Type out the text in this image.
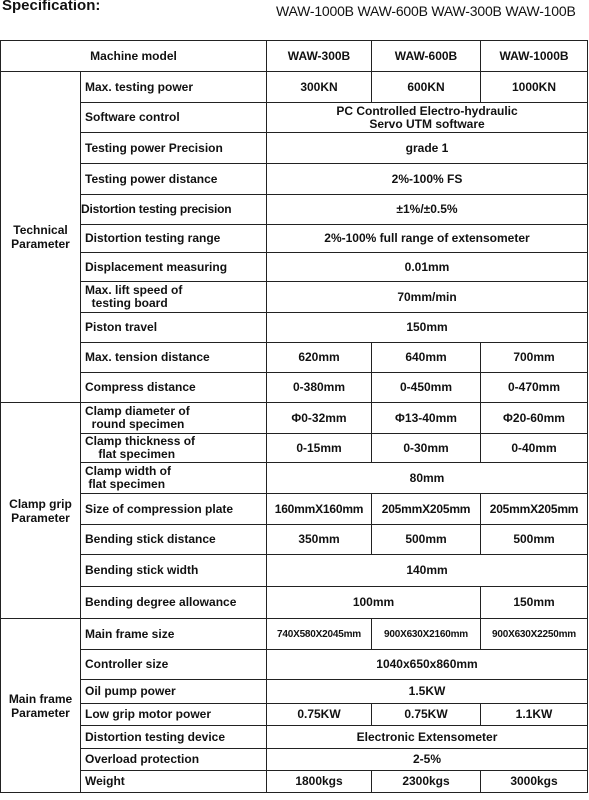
Specification:	WAW-1000B WAW-600B WAW-300B WAW-100B
Machine model		WAW-300B	WAW-600B	WAW-1000B
Technical
Parameter	Max. testing power	300KN	600KN	1000KN
	Software control	PC Controlled Electro-hydraulic
Servo UTM software		
	Testing power Precision	grade 1		
	Testing power distance	2%-100% FS		
	Distortion testing precision	±1%/±0.5%		
	Distortion testing range	2%-100% full range of extensometer		
	Displacement measuring	0.01mm		
	Max. lift speed of
testing board	70mm/min		
	Piston travel	150mm		
	Max. tension distance	620mm	640mm	700mm
	Compress distance	0-380mm	0-450mm	0-470mm
Clamp grip
Parameter	Clamp diameter of
round specimen	Φ0-32mm	Φ13-40mm	Φ20-60mm
	Clamp thickness of
flat specimen	0-15mm	0-30mm	0-40mm
	Clamp width of
flat specimen	80mm		
	Size of compression plate	160mmX160mm	205mmX205mm	205mmX205mm
	Bending stick distance	350mm	500mm	500mm
	Bending stick width	140mm		
	Bending degree allowance	100mm		150mm
Main frame
Parameter	Main frame size	740X580X2045mm	900X630X2160mm	900X630X2250mm
	Controller size	1040x650x860mm		
	Oil pump power	1.5KW		
	Low grip motor power	0.75KW	0.75KW	1.1KW
	Distortion testing device	Electronic Extensometer		
	Overload protection	2-5%		
	Weight	1800kgs	2300kgs	3000kgs
